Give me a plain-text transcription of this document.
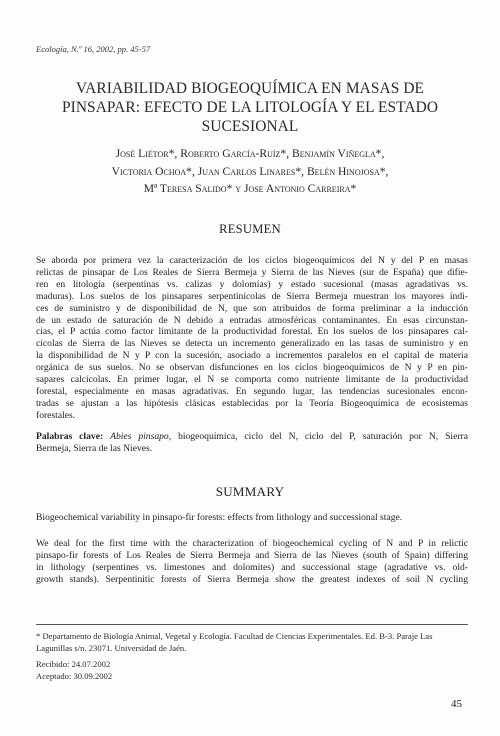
Ecología, N.º 16, 2002, pp. 45-57
VARIABILIDAD BIOGEOQUÍMICA EN MASAS DE
PINSAPAR: EFECTO DE LA LITOLOGÍA Y EL ESTADO
SUCESIONAL
José Liétor*, Roberto García-Ruíz*, Benjamín Viñegla*,
Victoria Ochoa*, Juan Carlos Linares*, Belén Hinojosa*,
Mª Teresa Salido* y Jose Antonio Carreira*
RESUMEN
Se aborda por primera vez la caracterización de los ciclos biogeoquímicos del N y del P en masas
relictas de pinsapar de Los Reales de Sierra Bermeja y Sierra de las Nieves (sur de España) que difie-
ren en litología (serpentinas vs. calizas y dolomías) y estado sucesional (masas agradativas vs.
maduras). Los suelos de los pinsapares serpentinícolas de Sierra Bermeja muestran los mayores índi-
ces de suministro y de disponibilidad de N, que son atribuidos de forma preliminar a la inducción
de un estado de saturación de N debido a entradas atmosféricas contaminantes. En esas circunstan-
cias, el P actúa como factor limitante de la productividad forestal. En los suelos de los pinsapares cal-
cícolas de Sierra de las Nieves se detecta un incremento generalizado en las tasas de suministro y en
la disponibilidad de N y P con la sucesión, asociado a incrementos paralelos en el capital de materia
orgánica de sus suelos. No se observan disfunciones en los ciclos biogeoquímicos de N y P en pin-
sapares calcícolas. En primer lugar, el N se comporta como nutriente limitante de la productividad
forestal, especialmente en masas agradativas. En segundo lugar, las tendencias sucesionales encon-
tradas se ajustan a las hipótesis clásicas establecidas por la Teoría Biogeoquímica de ecosistemas
forestales.
Palabras clave: Abies pinsapo, biogeoquímica, ciclo del N, ciclo del P, saturación por N, Sierra
Bermeja, Sierra de las Nieves.
SUMMARY
Biogeochemical variability in pinsapo-fir forests: effects from lithology and successional stage.
We deal for the first time with the characterization of biogeochemical cycling of N and P in relictic
pinsapo-fir forests of Los Reales de Sierra Bermeja and Sierra de las Nieves (south of Spain) differing
in lithology (serpentines vs. limestones and dolomites) and successional stage (agradative vs. old-
growth stands). Serpentinitic forests of Sierra Bermeja show the greatest indexes of soil N cycling
* Departamento de Biología Animal, Vegetal y Ecología. Facultad de Ciencias Experimentales. Ed. B-3. Paraje Las
Lagunillas s/n. 23071. Universidad de Jaén.
Recibido: 24.07.2002
Aceptado: 30.09.2002
45
